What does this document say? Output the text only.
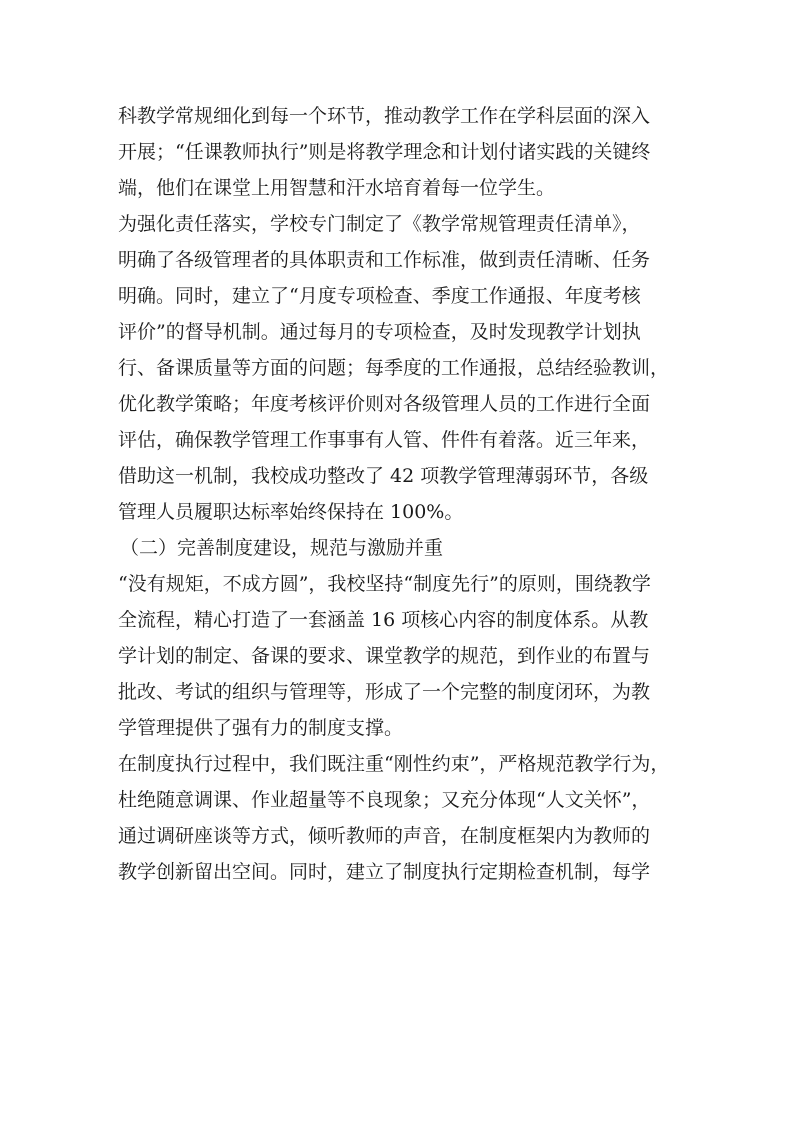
科教学常规细化到每一个环节，推动教学工作在学科层面的深入
开展；“任课教师执行”则是将教学理念和计划付诸实践的关键终
端，他们在课堂上用智慧和汗水培育着每一位学生。
为强化责任落实，学校专门制定了《教学常规管理责任清单》，
明确了各级管理者的具体职责和工作标准，做到责任清晰、任务
明确。同时，建立了“月度专项检查、季度工作通报、年度考核
评价”的督导机制。通过每月的专项检查，及时发现教学计划执
行、备课质量等方面的问题；每季度的工作通报，总结经验教训，
优化教学策略；年度考核评价则对各级管理人员的工作进行全面
评估，确保教学管理工作事事有人管、件件有着落。近三年来，
借助这一机制，我校成功整改了 42 项教学管理薄弱环节，各级
管理人员履职达标率始终保持在 100%。
（二）完善制度建设，规范与激励并重
“没有规矩，不成方圆”，我校坚持“制度先行”的原则，围绕教学
全流程，精心打造了一套涵盖 16 项核心内容的制度体系。从教
学计划的制定、备课的要求、课堂教学的规范，到作业的布置与
批改、考试的组织与管理等，形成了一个完整的制度闭环，为教
学管理提供了强有力的制度支撑。
在制度执行过程中，我们既注重“刚性约束”，严格规范教学行为，
杜绝随意调课、作业超量等不良现象；又充分体现“人文关怀”，
通过调研座谈等方式，倾听教师的声音，在制度框架内为教师的
教学创新留出空间。同时，建立了制度执行定期检查机制，每学
